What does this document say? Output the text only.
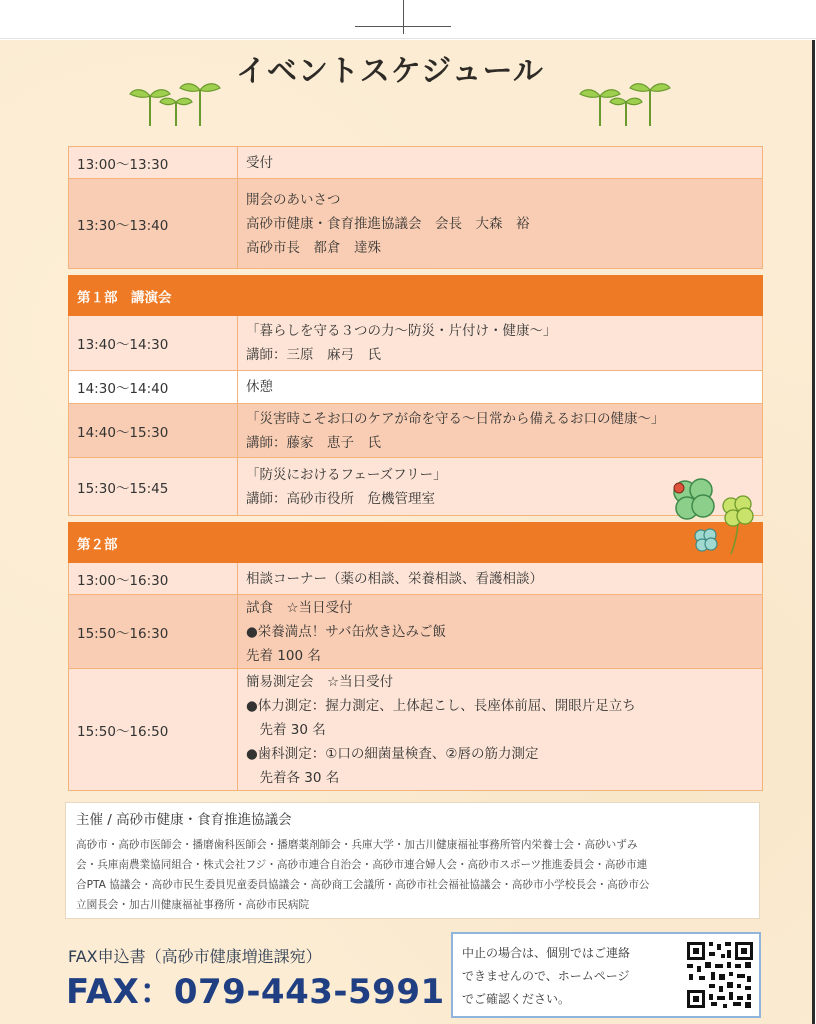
イベントスケジュール
13:00〜13:30	受付

13:30〜13:40	開会のあいさつ
高砂市健康・食育推進協議会　会長　大森　裕
高砂市長　都倉　達殊

第１部　講演会	
13:40〜14:30	「暮らしを守る３つの力〜防災・片付け・健康〜」
講師：三原　麻弓　氏

14:30〜14:40	休憩

14:40〜15:30	「災害時こそお口のケアが命を守る〜日常から備えるお口の健康〜」
講師：藤家　恵子　氏

15:30〜15:45	「防災におけるフェーズフリー」
講師：高砂市役所　危機管理室

第２部	
13:00〜16:30	相談コーナー（薬の相談、栄養相談、看護相談）

15:50〜16:30	試食　☆当日受付
●栄養満点！サバ缶炊き込みご飯
先着 100 名

15:50〜16:50	簡易測定会　☆当日受付
●体力測定：握力測定、上体起こし、長座体前屈、開眼片足立ち
　先着 30 名
●歯科測定：①口の細菌量検査、②唇の筋力測定
　先着各 30 名

主催 / 高砂市健康・食育推進協議会

高砂市・高砂市医師会・播磨歯科医師会・播磨薬剤師会・兵庫大学・加古川健康福祉事務所管内栄養士会・高砂いずみ
会・兵庫南農業協同組合・株式会社フジ・高砂市連合自治会・高砂市連合婦人会・高砂市スポーツ推進委員会・高砂市連
合PTA 協議会・高砂市民生委員児童委員協議会・高砂商工会議所・高砂市社会福祉協議会・高砂市小学校長会・高砂市公
立園長会・加古川健康福祉事務所・高砂市民病院

FAX申込書（高砂市健康増進課宛）
FAX：079-443-5991
中止の場合は、個別ではご連絡
できませんので、ホームページ
でご確認ください。
